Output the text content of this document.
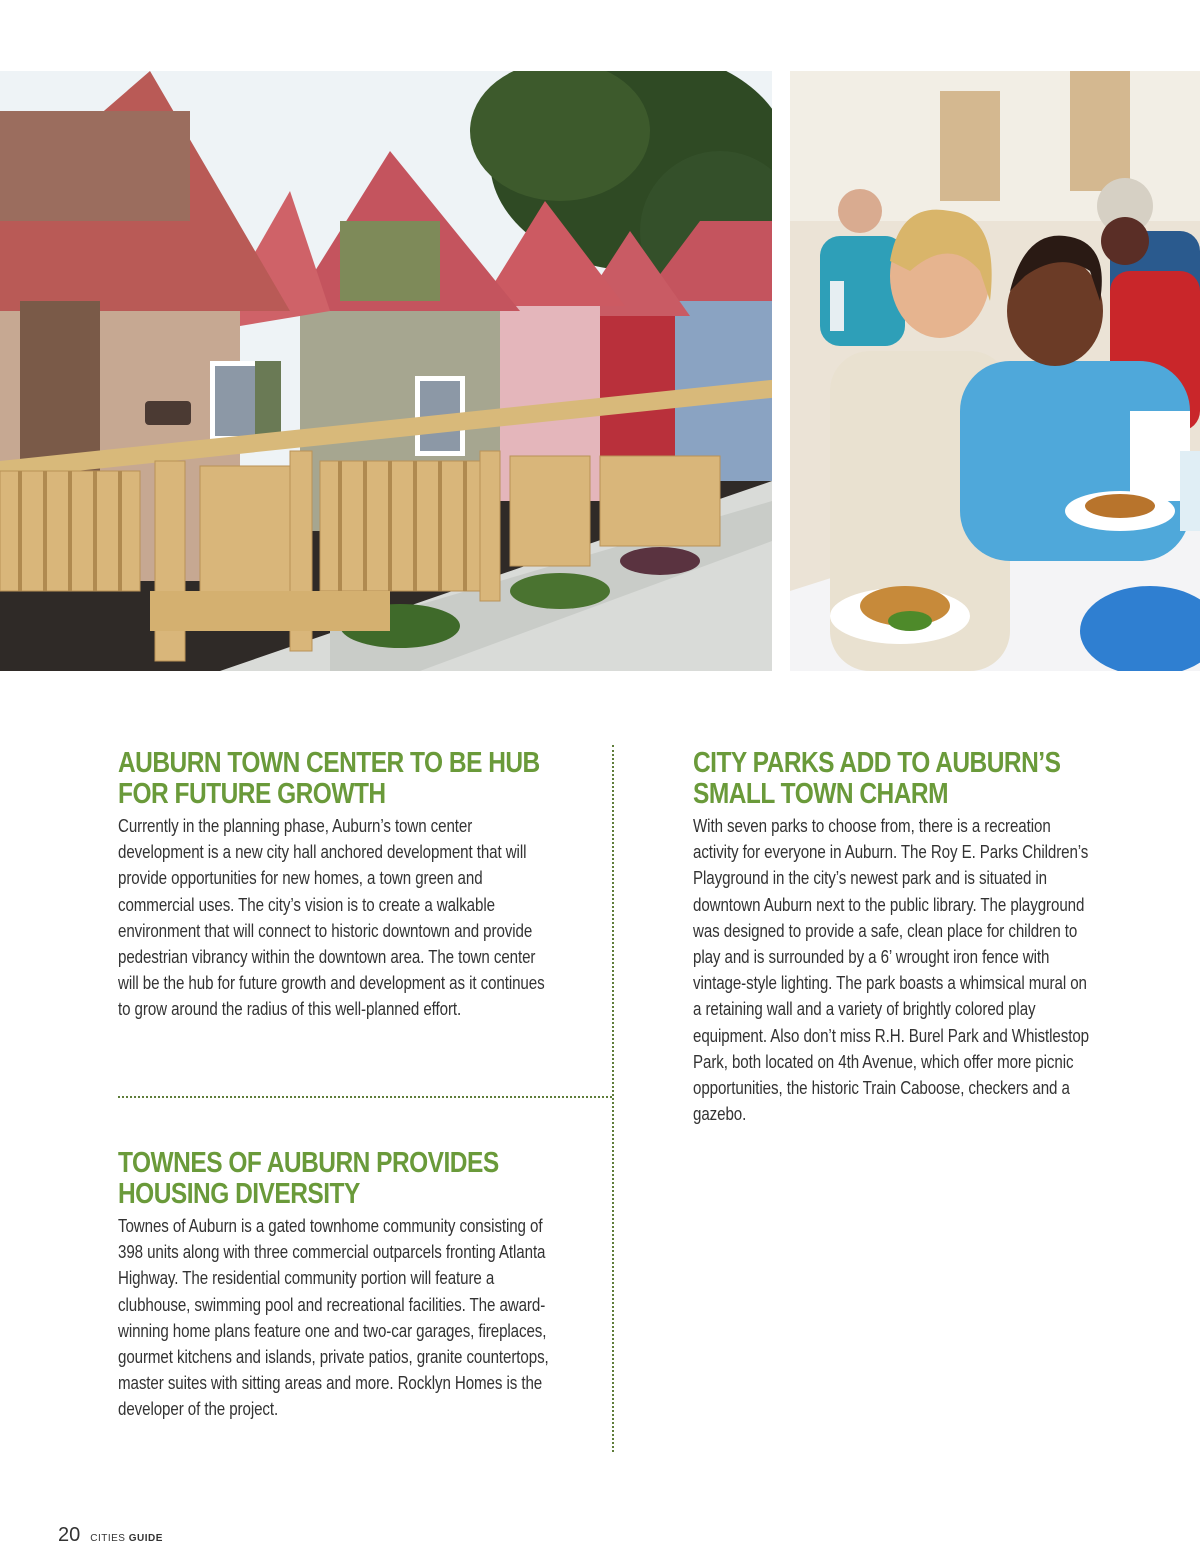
AUBURN TOWN CENTER TO BE HUB FOR FUTURE GROWTH

Currently in the planning phase, Auburn’s town center development is a new city hall anchored development that will provide opportunities for new homes, a town green and commercial uses. The city’s vision is to create a walkable environment that will connect to historic downtown and provide pedestrian vibrancy within the downtown area. The town center will be the hub for future growth and development as it continues to grow around the radius of this well-planned effort.

TOWNES OF AUBURN PROVIDES HOUSING DIVERSITY

Townes of Auburn is a gated townhome community consisting of 398 units along with three commercial outparcels fronting Atlanta Highway. The residential community portion will feature a clubhouse, swimming pool and recreational facilities. The award-winning home plans feature one and two-car garages, fireplaces, gourmet kitchens and islands, private patios, granite countertops, master suites with sitting areas and more. Rocklyn Homes is the developer of the project.

CITY PARKS ADD TO AUBURN’S SMALL TOWN CHARM

With seven parks to choose from, there is a recreation activity for everyone in Auburn. The Roy E. Parks Children’s Playground in the city’s newest park and is situated in downtown Auburn next to the public library. The playground was designed to provide a safe, clean place for children to play and is surrounded by a 6’ wrought iron fence with vintage-style lighting. The park boasts a whimsical mural on a retaining wall and a variety of brightly colored play equipment. Also don’t miss R.H. Burel Park and Whistlestop Park, both located on 4th Avenue, which offer more picnic opportunities, the historic Train Caboose, checkers and a gazebo.

20 CITIES GUIDE
